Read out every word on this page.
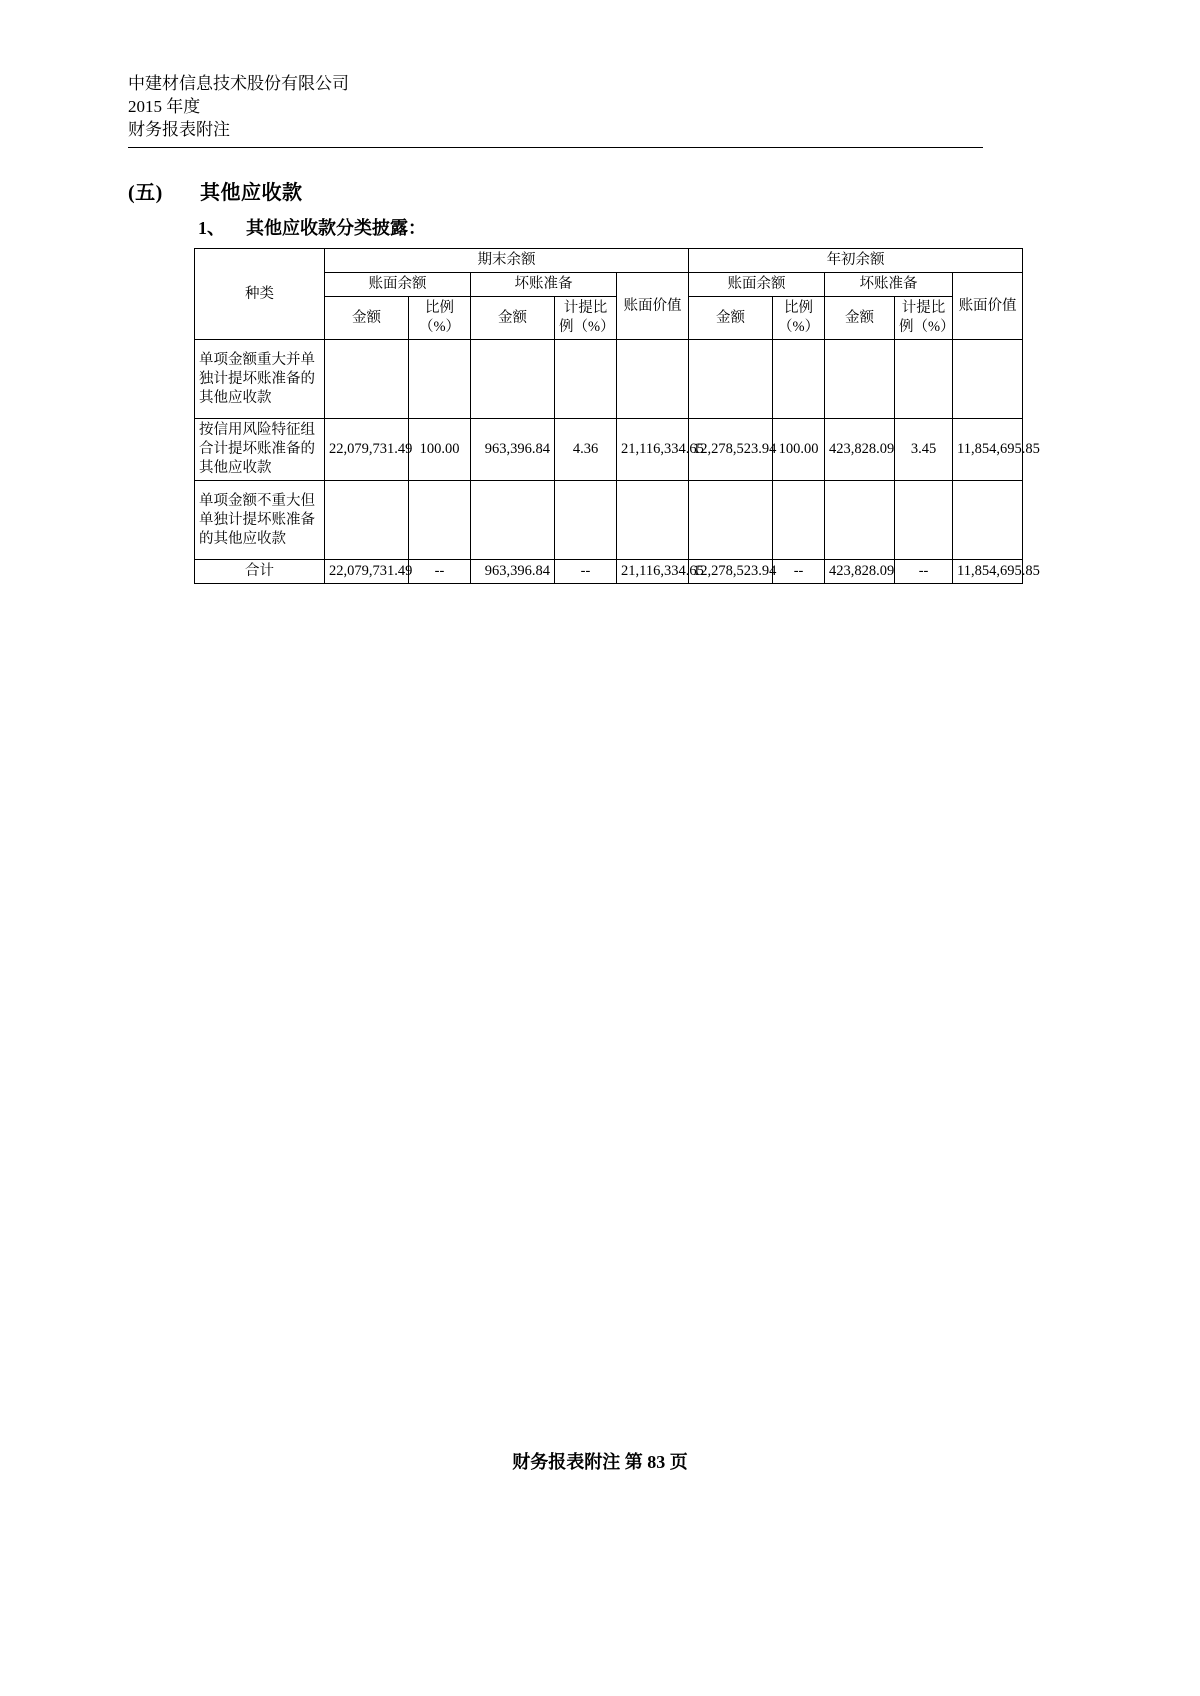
中建材信息技术股份有限公司
2015 年度
财务报表附注
(五) 其他应收款
1、 其他应收款分类披露：
种类	期末余额					年初余额				
	账面余额		坏账准备		账面价值	账面余额		坏账准备		账面价值
	金额	比例（%）	金额	计提比例（%）		金额	比例（%）	金额	计提比例（%）	
单项金额重大并单独计提坏账准备的其他应收款										
按信用风险特征组合计提坏账准备的其他应收款	22,079,731.49	100.00	963,396.84	4.36	21,116,334.65	12,278,523.94	100.00	423,828.09	3.45	11,854,695.85
单项金额不重大但单独计提坏账准备的其他应收款										
合计	22,079,731.49	--	963,396.84	--	21,116,334.65	12,278,523.94	--	423,828.09	--	11,854,695.85
财务报表附注 第 83 页
